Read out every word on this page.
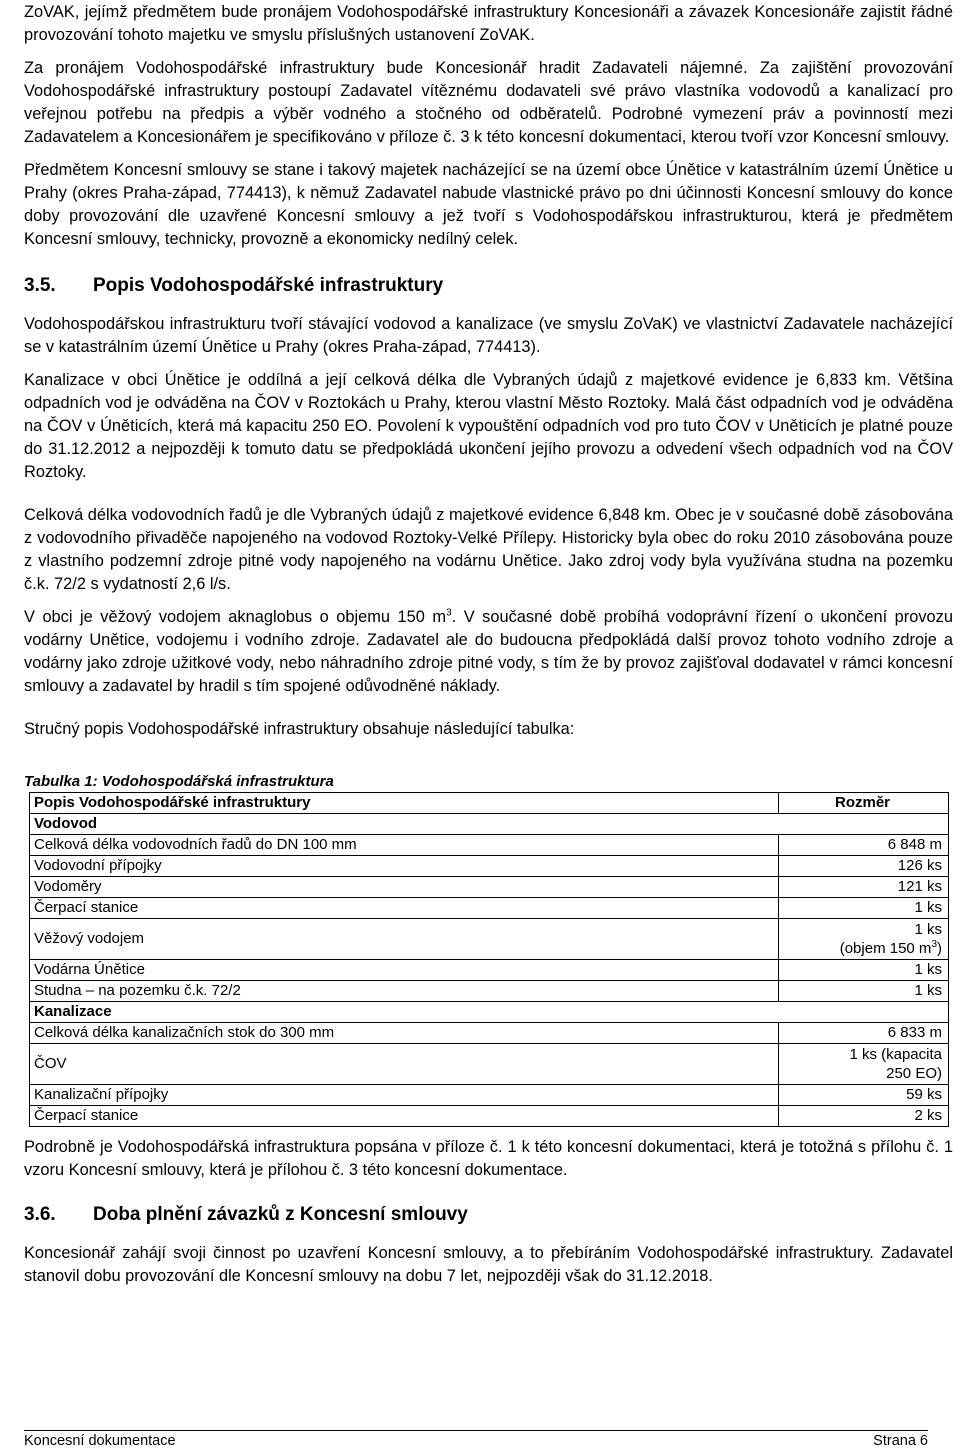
ZoVAK, jejímž předmětem bude pronájem Vodohospodářské infrastruktury Koncesionáři a závazek Koncesionáře zajistit řádné provozování tohoto majetku ve smyslu příslušných ustanovení ZoVAK.

Za pronájem Vodohospodářské infrastruktury bude Koncesionář hradit Zadavateli nájemné. Za zajištění provozování Vodohospodářské infrastruktury postoupí Zadavatel vítěznému dodavateli své právo vlastníka vodovodů a kanalizací pro veřejnou potřebu na předpis a výběr vodného a stočného od odběratelů. Podrobné vymezení práv a povinností mezi Zadavatelem a Koncesionářem je specifikováno v příloze č. 3 k této koncesní dokumentaci, kterou tvoří vzor Koncesní smlouvy.

Předmětem Koncesní smlouvy se stane i takový majetek nacházející se na území obce Únětice v katastrálním území Únětice u Prahy (okres Praha-západ, 774413), k němuž Zadavatel nabude vlastnické právo po dni účinnosti Koncesní smlouvy do konce doby provozování dle uzavřené Koncesní smlouvy a jež tvoří s Vodohospodářskou infrastrukturou, která je předmětem Koncesní smlouvy, technicky, provozně a ekonomicky nedílný celek.

3.5.	Popis Vodohospodářské infrastruktury

Vodohospodářskou infrastrukturu tvoří stávající vodovod a kanalizace (ve smyslu ZoVaK) ve vlastnictví Zadavatele nacházející se v katastrálním území Únětice u Prahy (okres Praha-západ, 774413).

Kanalizace v obci Únětice je oddílná a její celková délka dle Vybraných údajů z majetkové evidence je 6,833 km. Většina odpadních vod je odváděna na ČOV v Roztokách u Prahy, kterou vlastní Město Roztoky. Malá část odpadních vod je odváděna na ČOV v Úněticích, která má kapacitu 250 EO. Povolení k vypouštění odpadních vod pro tuto ČOV v Uněticích je platné pouze do 31.12.2012 a nejpozději k tomuto datu se předpokládá ukončení jejího provozu a odvedení všech odpadních vod na ČOV Roztoky.

Celková délka vodovodních řadů je dle Vybraných údajů z majetkové evidence 6,848 km. Obec je v současné době zásobována z vodovodního přivaděče napojeného na vodovod Roztoky-Velké Přílepy. Historicky byla obec do roku 2010 zásobována pouze z vlastního podzemní zdroje pitné vody napojeného na vodárnu Unětice. Jako zdroj vody byla využívána studna na pozemku č.k. 72/2 s vydatností 2,6 l/s.

V obci je věžový vodojem aknaglobus o objemu 150 $m^3$. V současné době probíhá vodoprávní řízení o ukončení provozu vodárny Unětice, vodojemu i vodního zdroje. Zadavatel ale do budoucna předpokládá další provoz tohoto vodního zdroje a vodárny jako zdroje užitkové vody, nebo náhradního zdroje pitné vody, s tím že by provoz zajišťoval dodavatel v rámci koncesní smlouvy a zadavatel by hradil s tím spojené odůvodněné náklady.

Stručný popis Vodohospodářské infrastruktury obsahuje následující tabulka:

Tabulka 1: Vodohospodářská infrastruktura
Popis Vodohospodářské infrastruktury	Rozměr
Vodovod	
Celková délka vodovodních řadů do DN 100 mm	6 848 m
Vodovodní přípojky	126 ks
Vodoměry	121 ks
Čerpací stanice	1 ks
Věžový vodojem	1 ks
(objem 150 $m^3$)

Vodárna Únětice	1 ks
Studna – na pozemku č.k. 72/2	1 ks
Kanalizace	
Celková délka kanalizačních stok do 300 mm	6 833 m
ČOV	1 ks (kapacita
250 EO)

Kanalizační přípojky	59 ks
Čerpací stanice	2 ks

Podrobně je Vodohospodářská infrastruktura popsána v příloze č. 1 k této koncesní dokumentaci, která je totožná s přílohu č. 1 vzoru Koncesní smlouvy, která je přílohou č. 3 této koncesní dokumentace.

3.6.	Doba plnění závazků z Koncesní smlouvy

Koncesionář zahájí svoji činnost po uzavření Koncesní smlouvy, a to přebíráním Vodohospodářské infrastruktury. Zadavatel stanovil dobu provozování dle Koncesní smlouvy na dobu 7 let, nejpozději však do 31.12.2018.

Koncesní dokumentace	Strana 6
